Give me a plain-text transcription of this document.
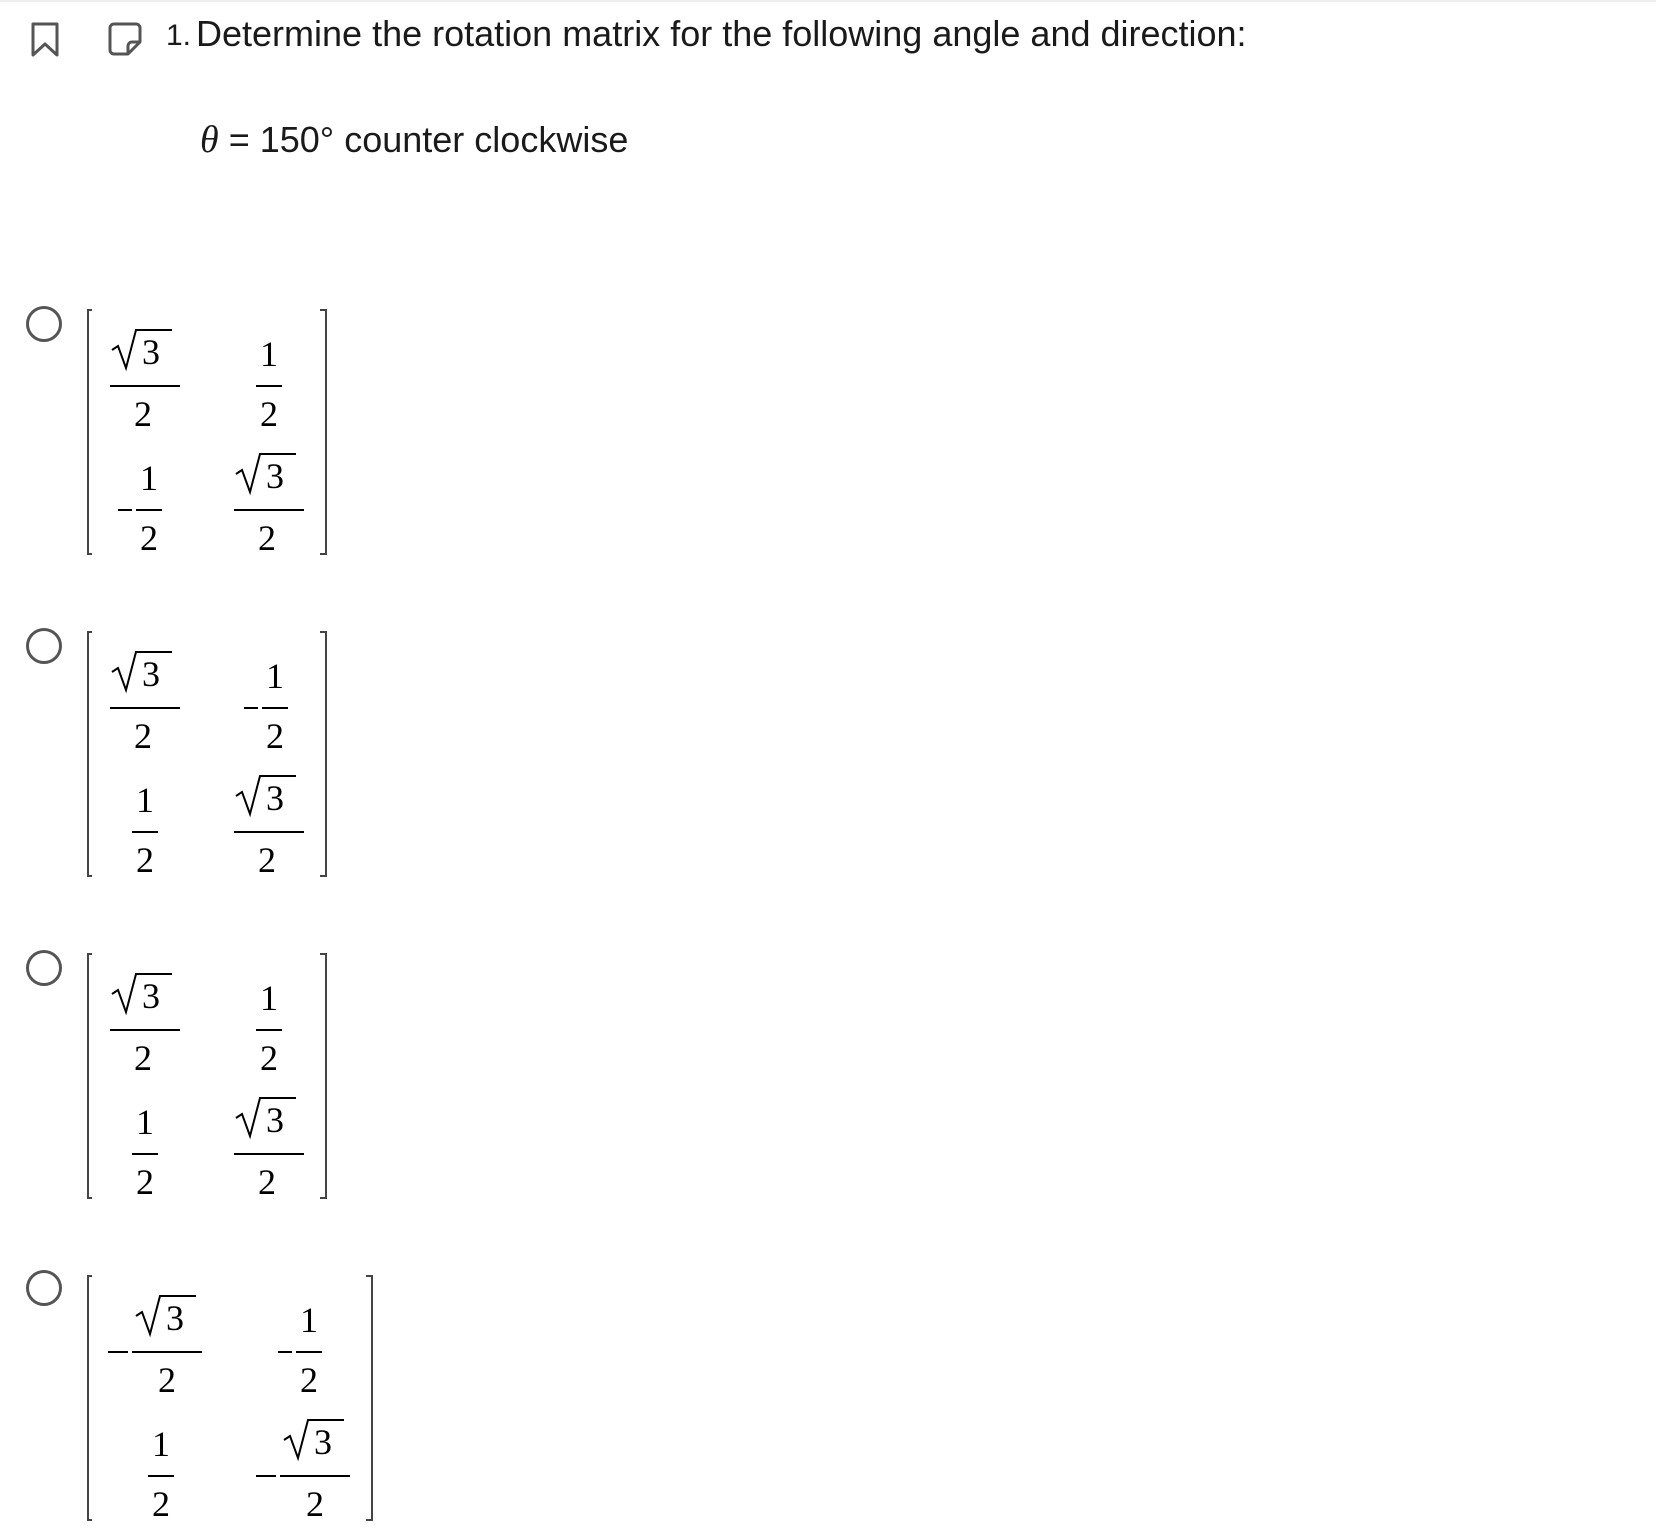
1. Determine the rotation matrix for the following angle and direction:
θ = 150° counter clockwise
3
2
1
2
1
2
3
2
3
2
1
2
1
2
3
2
3
2
1
2
1
2
3
2
3
2
1
2
1
2
3
2
